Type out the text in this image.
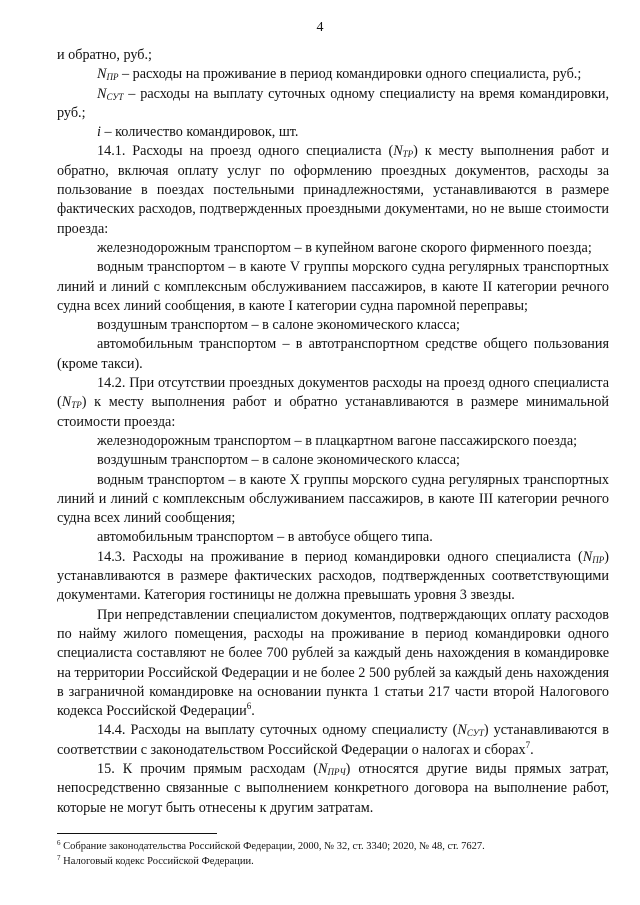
4

и обратно, руб.;

$N_{ПР}$ – расходы на проживание в период командировки одного специалиста, руб.;

$N_{СУТ}$ – расходы на выплату суточных одному специалисту на время командировки, руб.;

i – количество командировок, шт.

14.1. Расходы на проезд одного специалиста $(N_{ТР})$ к месту выполнения работ и обратно, включая оплату услуг по оформлению проездных документов, расходы за пользование в поездах постельными принадлежностями, устанавливаются в размере фактических расходов, подтвержденных проездными документами, но не выше стоимости проезда:

железнодорожным транспортом – в купейном вагоне скорого фирменного поезда;

водным транспортом – в каюте V группы морского судна регулярных транспортных линий и линий с комплексным обслуживанием пассажиров, в каюте II категории речного судна всех линий сообщения, в каюте I категории судна паромной переправы;

воздушным транспортом – в салоне экономического класса;

автомобильным транспортом – в автотранспортном средстве общего пользования (кроме такси).

14.2. При отсутствии проездных документов расходы на проезд одного специалиста $(N_{ТР})$ к месту выполнения работ и обратно устанавливаются в размере минимальной стоимости проезда:

железнодорожным транспортом – в плацкартном вагоне пассажирского поезда;

воздушным транспортом – в салоне экономического класса;

водным транспортом – в каюте X группы морского судна регулярных транспортных линий и линий с комплексным обслуживанием пассажиров, в каюте III категории речного судна всех линий сообщения;

автомобильным транспортом – в автобусе общего типа.

14.3. Расходы на проживание в период командировки одного специалиста $(N_{ПР})$ устанавливаются в размере фактических расходов, подтвержденных соответствующими документами. Категория гостиницы не должна превышать уровня 3 звезды.

При непредставлении специалистом документов, подтверждающих оплату расходов по найму жилого помещения, расходы на проживание в период командировки одного специалиста составляют не более 700 рублей за каждый день нахождения в командировке на территории Российской Федерации и не более 2 500 рублей за каждый день нахождения в заграничной командировке на основании пункта 1 статьи 217 части второй Налогового кодекса Российской Федерации$^6$.

14.4. Расходы на выплату суточных одному специалисту $(N_{СУТ})$ устанавливаются в соответствии с законодательством Российской Федерации о налогах и сборах$^7$.

15. К прочим прямым расходам $(N_{ПРЧ})$ относятся другие виды прямых затрат, непосредственно связанные с выполнением конкретного договора на выполнение работ, которые не могут быть отнесены к другим затратам.

$^6$ Собрание законодательства Российской Федерации, 2000, № 32, ст. 3340; 2020, № 48, ст. 7627.

$^7$ Налоговый кодекс Российской Федерации.
